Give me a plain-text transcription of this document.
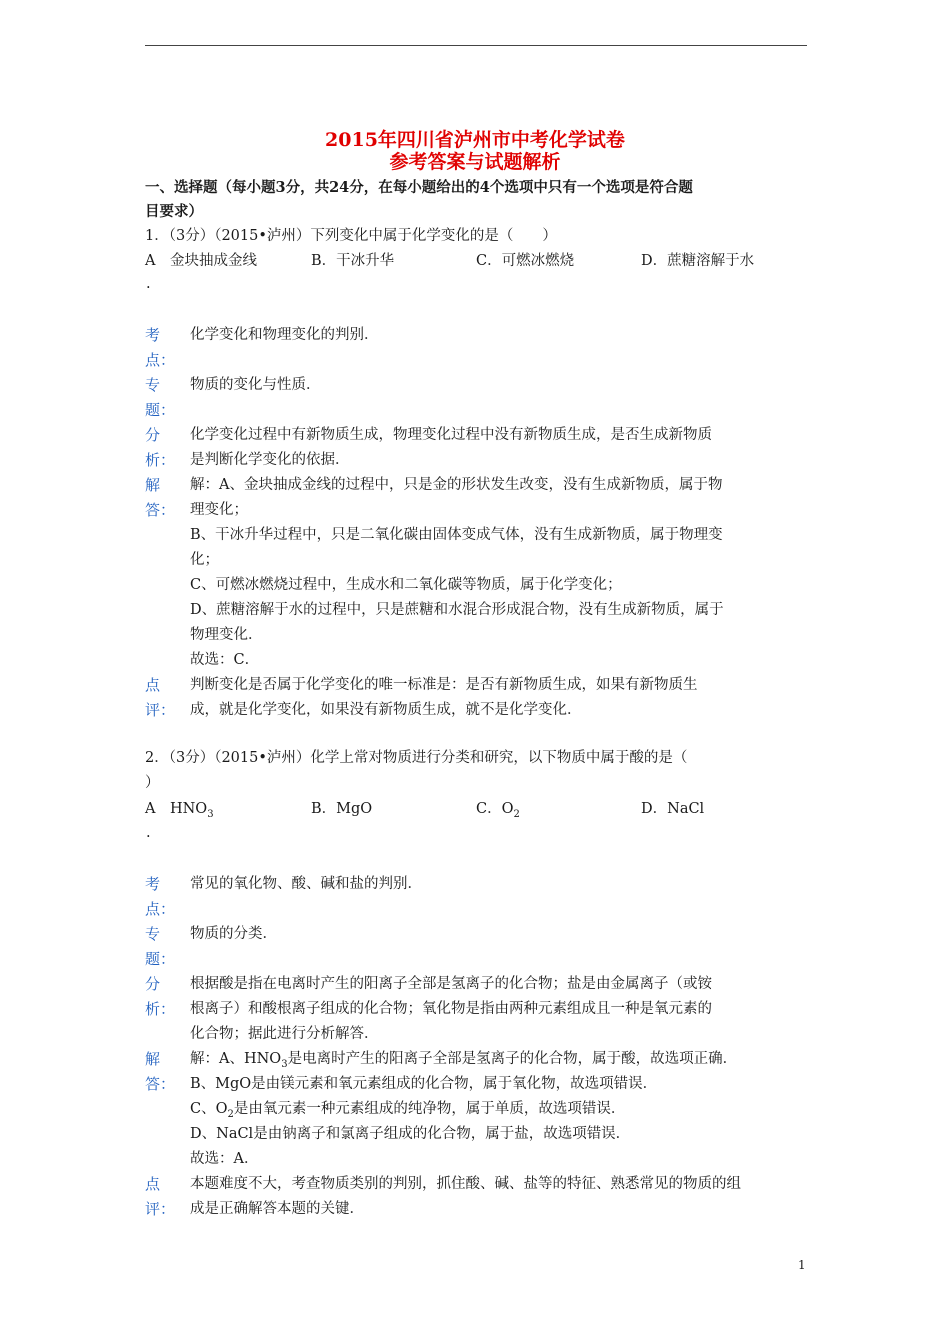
2015年四川省泸州市中考化学试卷
参考答案与试题解析
一、选择题（每小题3分，共24分，在每小题给出的4个选项中只有一个选项是符合题
目要求）
1．（3分）（2015•泸州）下列变化中属于化学变化的是（　　）
A　金块抽成金线	B．干冰升华	C．可燃冰燃烧	D．蔗糖溶解于水
.
考
点：
化学变化和物理变化的判别．
专
题：
物质的变化与性质．
分
析：
化学变化过程中有新物质生成，物理变化过程中没有新物质生成，是否生成新物质
是判断化学变化的依据．
解
答：
解：A、金块抽成金线的过程中，只是金的形状发生改变，没有生成新物质，属于物
理变化；
B、干冰升华过程中，只是二氧化碳由固体变成气体，没有生成新物质，属于物理变
化；
C、可燃冰燃烧过程中，生成水和二氧化碳等物质，属于化学变化；
D、蔗糖溶解于水的过程中，只是蔗糖和水混合形成混合物，没有生成新物质，属于
物理变化．
故选：C．
点
评：
判断变化是否属于化学变化的唯一标准是：是否有新物质生成，如果有新物质生
成，就是化学变化，如果没有新物质生成，就不是化学变化．
2．（3分）（2015•泸州）化学上常对物质进行分类和研究，以下物质中属于酸的是（
）
A　$HNO_3$	B．MgO	C．$O_2$	D．NaCl
.
考
点：
常见的氧化物、酸、碱和盐的判别．
专
题：
物质的分类．
分
析：
根据酸是指在电离时产生的阳离子全部是氢离子的化合物；盐是由金属离子（或铵
根离子）和酸根离子组成的化合物；氧化物是指由两种元素组成且一种是氧元素的
化合物；据此进行分析解答．
解
答：
解：A、$HNO_3$是电离时产生的阳离子全部是氢离子的化合物，属于酸，故选项正确．
B、MgO是由镁元素和氧元素组成的化合物，属于氧化物，故选项错误．
C、$O_2$是由氧元素一种元素组成的纯净物，属于单质，故选项错误．
D、NaCl是由钠离子和氯离子组成的化合物，属于盐，故选项错误．
故选：A．
点
评：
本题难度不大，考查物质类别的判别，抓住酸、碱、盐等的特征、熟悉常见的物质的组
成是正确解答本题的关键．
1
